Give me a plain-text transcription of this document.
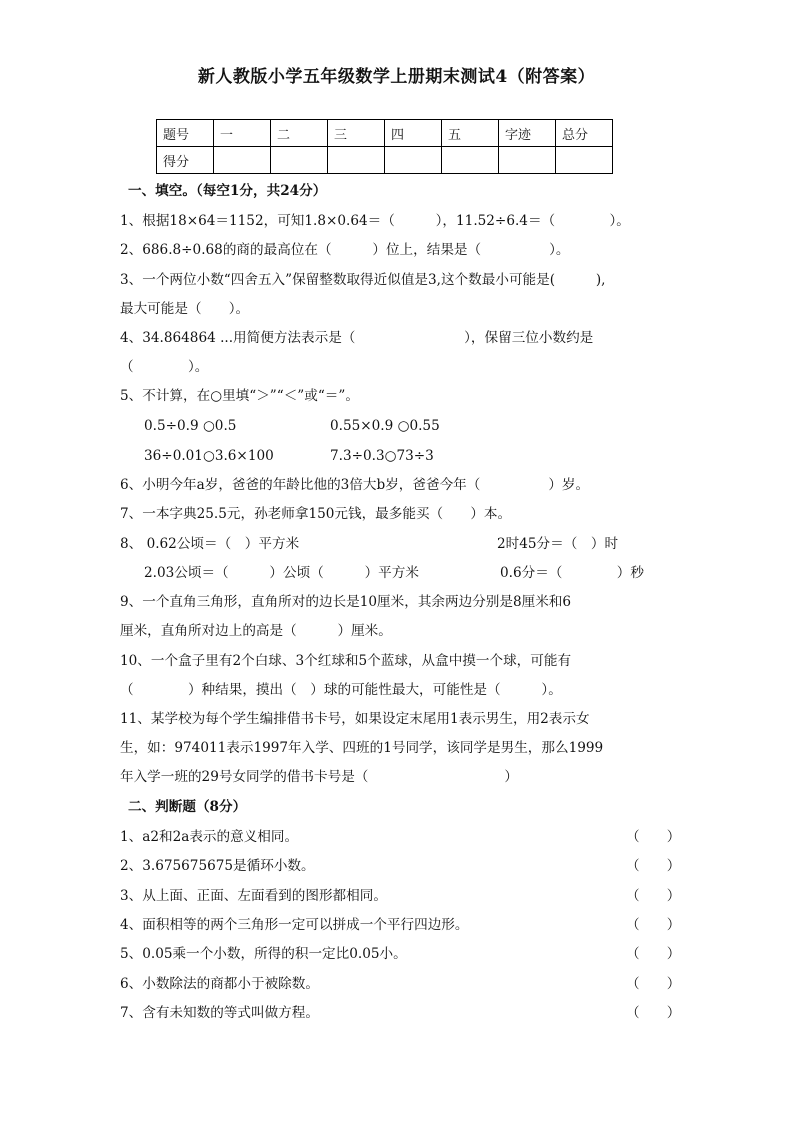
新人教版小学五年级数学上册期末测试4（附答案）
题号	一	二	三	四	五	字迹	总分
得分							
一、填空。（每空1分，共24分）
1、根据18×64＝1152，可知1.8×0.64＝（　　　），11.52÷6.4＝（　　　　）。
2、686.8÷0.68的商的最高位在（　　　）位上，结果是（　　　　　）。
3、一个两位小数“四舍五入”保留整数取得近似值是3,这个数最小可能是(　　　),
最大可能是（　　）。
4、34.864864 ...用简便方法表示是（　　　　　　　　），保留三位小数约是
（　　　　）。
5、不计算，在○里填“＞”“＜”或“＝”。
0.5÷0.9 ○0.5	0.55×0.9 ○0.55
36÷0.01○3.6×100	7.3÷0.3○73÷3
6、小明今年a岁，爸爸的年龄比他的3倍大b岁，爸爸今年（　　　　　）岁。
7、一本字典25.5元，孙老师拿150元钱，最多能买（　　）本。
8、 0.62公顷＝（　）平方米	2时45分＝（　）时
2.03公顷＝（　　　）公顷（　　　）平方米	0.6分＝（　　　　）秒
9、一个直角三角形，直角所对的边长是10厘米，其余两边分别是8厘米和6
厘米，直角所对边上的高是（　　　）厘米。
10、一个盒子里有2个白球、3个红球和5个蓝球，从盒中摸一个球，可能有
（　　　　）种结果，摸出（　）球的可能性最大，可能性是（　　　）。
11、某学校为每个学生编排借书卡号，如果设定末尾用1表示男生，用2表示女
生，如：974011表示1997年入学、四班的1号同学，该同学是男生，那么1999
年入学一班的29号女同学的借书卡号是（　　　　　　　　　　）
二、判断题（8分）
1、a2和2a表示的意义相同。	（　　）
2、3.675675675是循环小数。	（　　）
3、从上面、正面、左面看到的图形都相同。	（　　）
4、面积相等的两个三角形一定可以拼成一个平行四边形。	（　　）
5、0.05乘一个小数，所得的积一定比0.05小。	（　　）
6、小数除法的商都小于被除数。	（　　）
7、含有未知数的等式叫做方程。	（　　）
